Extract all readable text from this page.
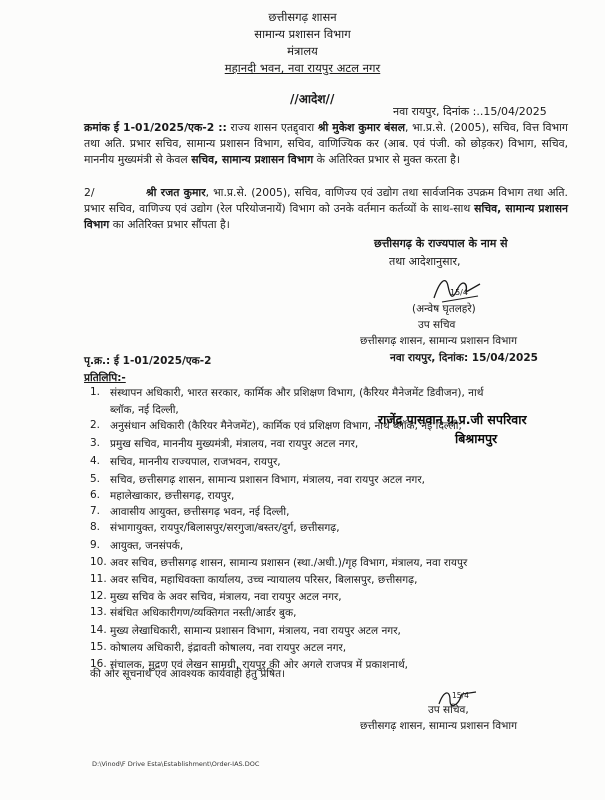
छत्तीसगढ़ शासन
सामान्य प्रशासन विभाग
मंत्रालय
महानदी भवन, नवा रायपुर अटल नगर
//आदेश//
नवा रायपुर, दिनांक :..15/04/2025
क्रमांक ई 1-01/2025/एक-2 :: राज्य शासन एतद्द्वारा श्री मुकेश कुमार बंसल, भा.प्र.से. (2005), सचिव, वित्त विभाग तथा अति. प्रभार सचिव, सामान्य प्रशासन विभाग, सचिव, वाणिज्यिक कर (आब. एवं पंजी. को छोड़कर) विभाग, सचिव, माननीय मुख्यमंत्री से केवल सचिव, सामान्य प्रशासन विभाग के अतिरिक्त प्रभार से मुक्त करता है।
2/	श्री रजत कुमार, भा.प्र.से. (2005), सचिव, वाणिज्य एवं उद्योग तथा सार्वजनिक उपक्रम विभाग तथा अति. प्रभार सचिव, वाणिज्य एवं उद्योग (रेल परियोजनायें) विभाग को उनके वर्तमान कर्तव्यों के साथ-साथ सचिव, सामान्य प्रशासन विभाग का अतिरिक्त प्रभार सौंपता है।
छत्तीसगढ़ के राज्यपाल के नाम से
तथा आदेशानुसार,
15/4
(अन्वेष घृतलहरे)
उप सचिव
छत्तीसगढ़ शासन, सामान्य प्रशासन विभाग
पृ.क्र.: ई 1-01/2025/एक-2	नवा रायपुर, दिनांक: 15/04/2025
प्रतिलिपि:-
1. संस्थापन अधिकारी, भारत सरकार, कार्मिक और प्रशिक्षण विभाग, (कैरियर मैनेजमेंट डिवीजन), नार्थ
ब्लॉक, नई दिल्ली,
2. अनुसंधान अधिकारी (कैरियर मैनेजमेंट), कार्मिक एवं प्रशिक्षण विभाग, नार्थ ब्लॉक, नई दिल्ली,
3. प्रमुख सचिव, माननीय मुख्यमंत्री, मंत्रालय, नवा रायपुर अटल नगर,
4. सचिव, माननीय राज्यपाल, राजभवन, रायपुर,
5. सचिव, छत्तीसगढ़ शासन, सामान्य प्रशासन विभाग, मंत्रालय, नवा रायपुर अटल नगर,
6. महालेखाकार, छत्तीसगढ़, रायपुर,
7. आवासीय आयुक्त, छत्तीसगढ़ भवन, नई दिल्ली,
8. संभागायुक्त, रायपुर/बिलासपुर/सरगुजा/बस्तर/दुर्ग, छत्तीसगढ़,
9. आयुक्त, जनसंपर्क,
10. अवर सचिव, छत्तीसगढ़ शासन, सामान्य प्रशासन (स्था./अधी.)/गृह विभाग, मंत्रालय, नवा रायपुर
11. अवर सचिव, महाधिवक्ता कार्यालय, उच्च न्यायालय परिसर, बिलासपुर, छत्तीसगढ़,
12. मुख्य सचिव के अवर सचिव, मंत्रालय, नवा रायपुर अटल नगर,
13. संबंधित अधिकारीगण/व्यक्तिगत नस्ती/आर्डर बुक,
14. मुख्य लेखाधिकारी, सामान्य प्रशासन विभाग, मंत्रालय, नवा रायपुर अटल नगर,
15. कोषालय अधिकारी, इंद्रावती कोषालय, नवा रायपुर अटल नगर,
16. संचालक, मुद्रण एवं लेखन सामग्री, रायपुर की ओर अगले राजपत्र में प्रकाशनार्थ,
की ओर सूचनार्थ एवं आवश्यक कार्यवाही हेतु प्रेषित।
15/4
उप सचिव,
छत्तीसगढ़ शासन, सामान्य प्रशासन विभाग
राजेंद्र पासवान ग्र.प्र.जी सपरिवार
बिश्रामपुर
D:\Vinod\F Drive Esta\Establishment\Order-IAS.DOC
